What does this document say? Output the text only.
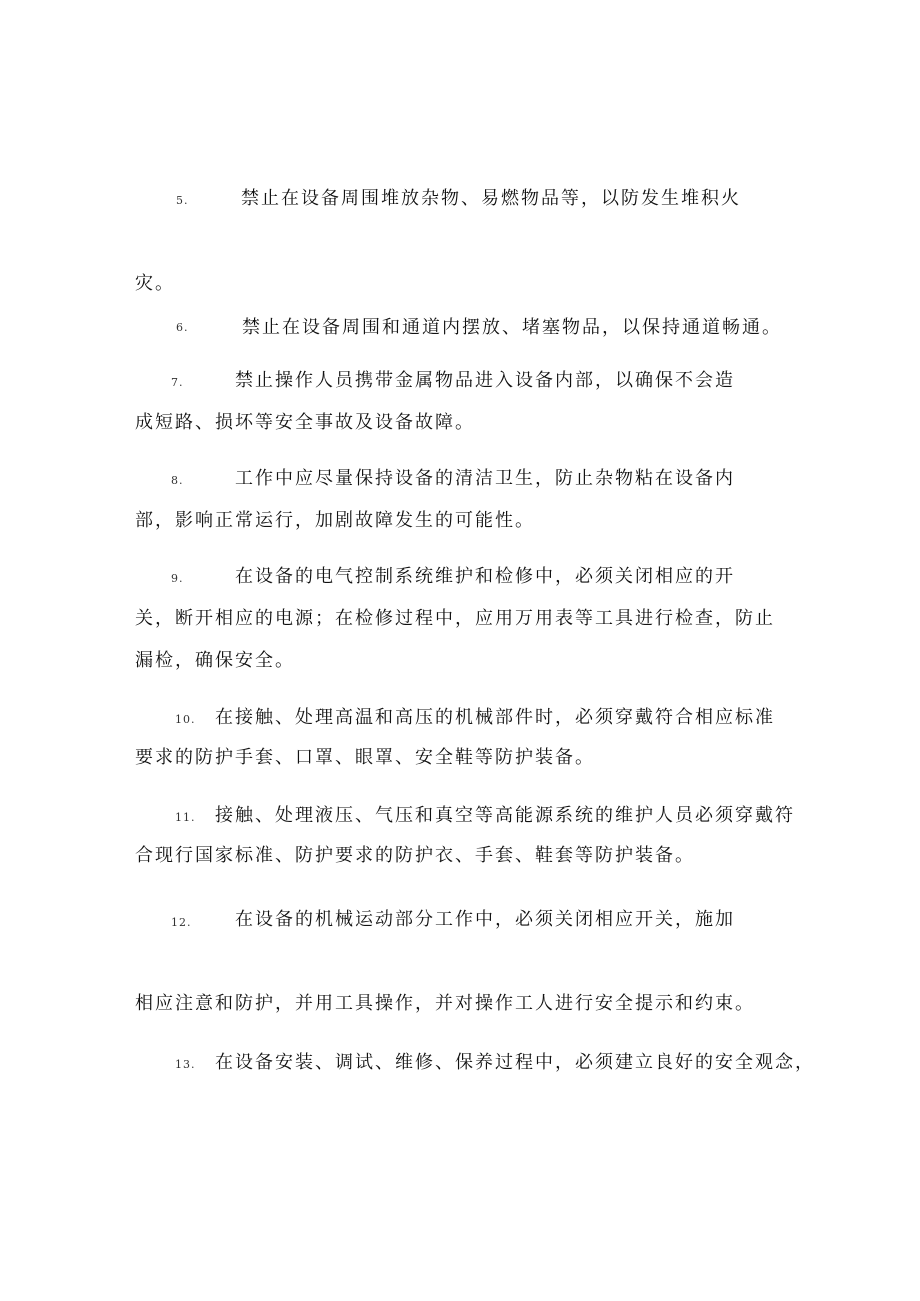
5.	禁止在设备周围堆放杂物、易燃物品等，以防发生堆积火
灾。
6.	禁止在设备周围和通道内摆放、堵塞物品，以保持通道畅通。
7.	禁止操作人员携带金属物品进入设备内部，以确保不会造
成短路、损坏等安全事故及设备故障。
8.	工作中应尽量保持设备的清洁卫生，防止杂物粘在设备内
部，影响正常运行，加剧故障发生的可能性。
9.	在设备的电气控制系统维护和检修中，必须关闭相应的开
关，断开相应的电源；在检修过程中，应用万用表等工具进行检查，防止
漏检，确保安全。
10. 在接触、处理高温和高压的机械部件时，必须穿戴符合相应标准
要求的防护手套、口罩、眼罩、安全鞋等防护装备。
11. 接触、处理液压、气压和真空等高能源系统的维护人员必须穿戴符
合现行国家标准、防护要求的防护衣、手套、鞋套等防护装备。
12. 在设备的机械运动部分工作中，必须关闭相应开关，施加
相应注意和防护，并用工具操作，并对操作工人进行安全提示和约束。
13. 在设备安装、调试、维修、保养过程中，必须建立良好的安全观念，
